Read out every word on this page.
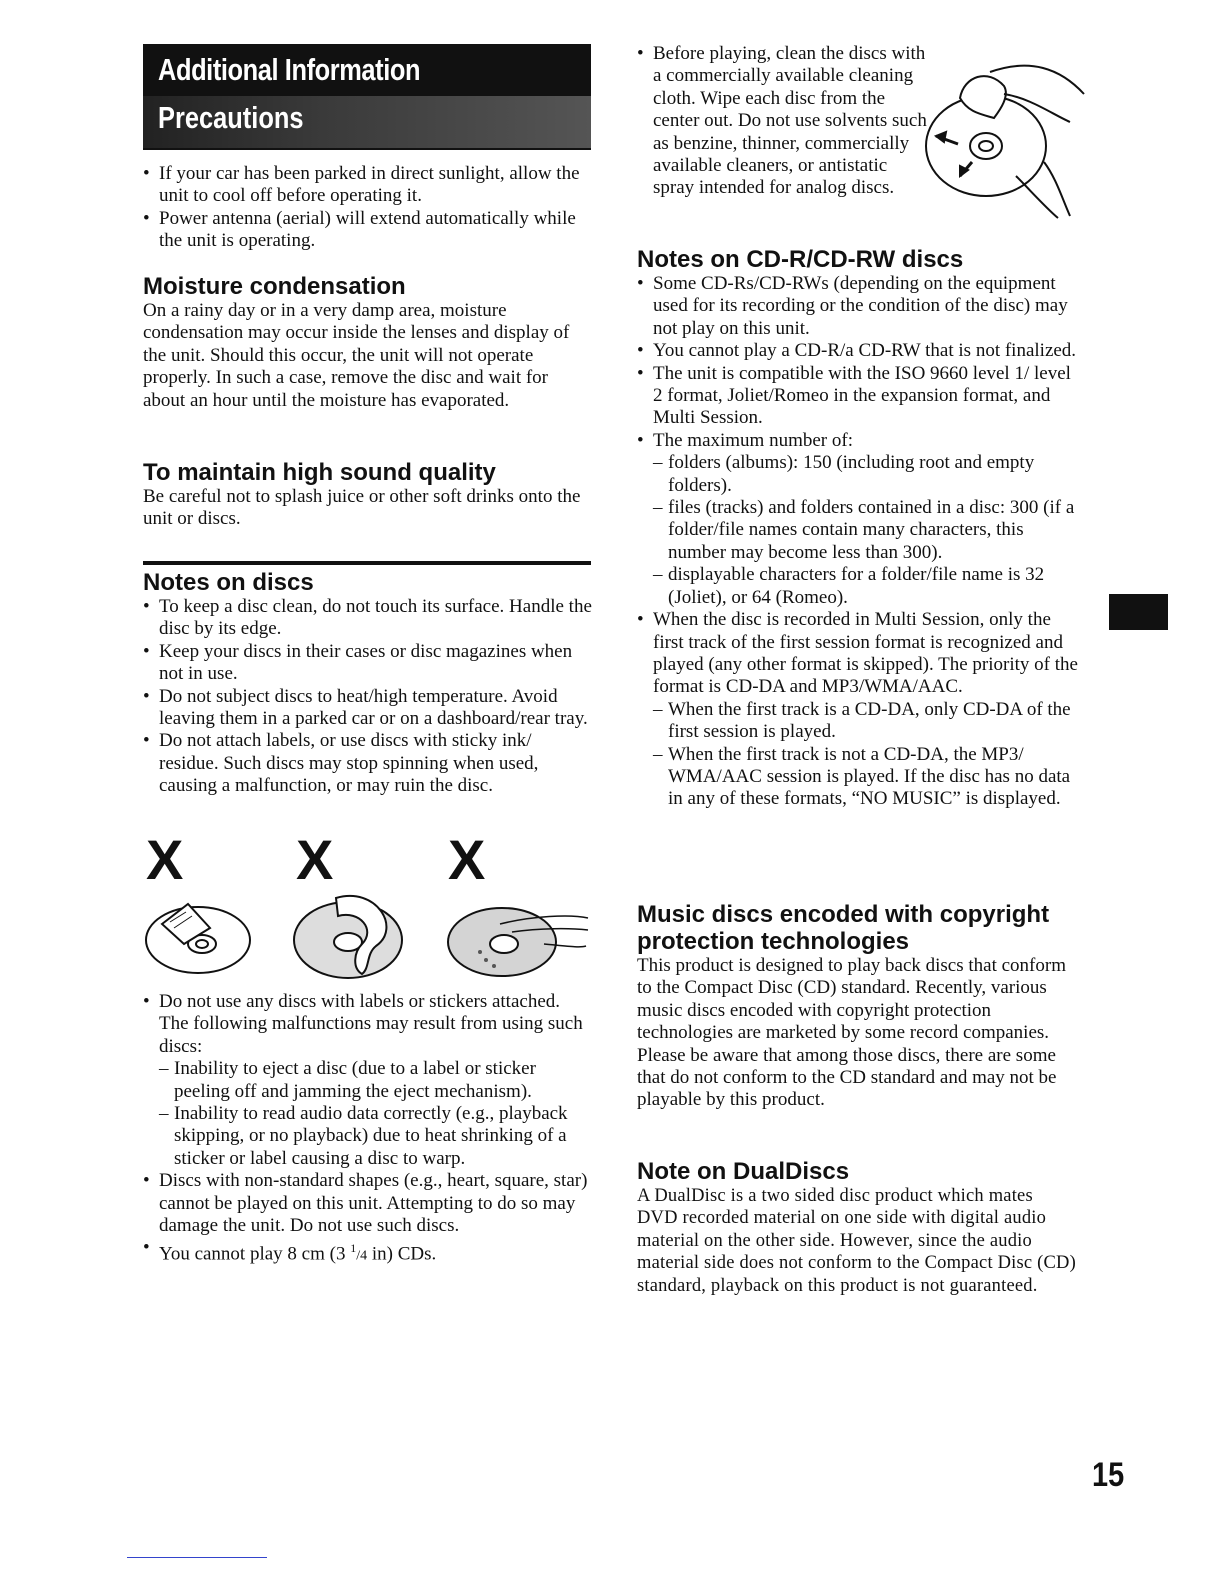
Additional Information
Precautions
• If your car has been parked in direct sunlight, allow the unit to cool off before operating it.
• Power antenna (aerial) will extend automatically while the unit is operating.
Moisture condensation

On a rainy day or in a very damp area, moisture condensation may occur inside the lenses and display of the unit. Should this occur, the unit will not operate properly. In such a case, remove the disc and wait for about an hour until the moisture has evaporated.

To maintain high sound quality

Be careful not to splash juice or other soft drinks onto the unit or discs.

Notes on discs
• To keep a disc clean, do not touch its surface. Handle the disc by its edge.
• Keep your discs in their cases or disc magazines when not in use.
• Do not subject discs to heat/high temperature. Avoid leaving them in a parked car or on a dashboard/rear tray.
• Do not attach labels, or use discs with sticky ink/ residue. Such discs may stop spinning when used, causing a malfunction, or may ruin the disc.
X X X
• Do not use any discs with labels or stickers attached.
The following malfunctions may result from using such discs:
– Inability to eject a disc (due to a label or sticker peeling off and jamming the eject mechanism).
– Inability to read audio data correctly (e.g., playback skipping, or no playback) due to heat shrinking of a sticker or label causing a disc to warp.
• Discs with non-standard shapes (e.g., heart, square, star) cannot be played on this unit. Attempting to do so may damage the unit. Do not use such discs.
• You cannot play 8 cm (3 $^1$/4 in) CDs.
• Before playing, clean the discs with a commercially available cleaning cloth. Wipe each disc from the center out. Do not use solvents such as benzine, thinner, commercially available cleaners, or antistatic spray intended for analog discs.
Notes on CD-R/CD-RW discs
• Some CD-Rs/CD-RWs (depending on the equipment used for its recording or the condition of the disc) may not play on this unit.
• You cannot play a CD-R/a CD-RW that is not finalized.
• The unit is compatible with the ISO 9660 level 1/ level 2 format, Joliet/Romeo in the expansion format, and Multi Session.
• The maximum number of:
– folders (albums): 150 (including root and empty folders).
– files (tracks) and folders contained in a disc: 300 (if a folder/file names contain many characters, this number may become less than 300).
– displayable characters for a folder/file name is 32 (Joliet), or 64 (Romeo).
• When the disc is recorded in Multi Session, only the first track of the first session format is recognized and played (any other format is skipped). The priority of the format is CD-DA and MP3/WMA/AAC.
– When the first track is a CD-DA, only CD-DA of the first session is played.
– When the first track is not a CD-DA, the MP3/ WMA/AAC session is played. If the disc has no data in any of these formats, “NO MUSIC” is displayed.
Music discs encoded with copyright protection technologies

This product is designed to play back discs that conform to the Compact Disc (CD) standard. Recently, various music discs encoded with copyright protection technologies are marketed by some record companies. Please be aware that among those discs, there are some that do not conform to the CD standard and may not be playable by this product.

Note on DualDiscs

A DualDisc is a two sided disc product which mates DVD recorded material on one side with digital audio material on the other side. However, since the audio material side does not conform to the Compact Disc (CD) standard, playback on this product is not guaranteed.

15
